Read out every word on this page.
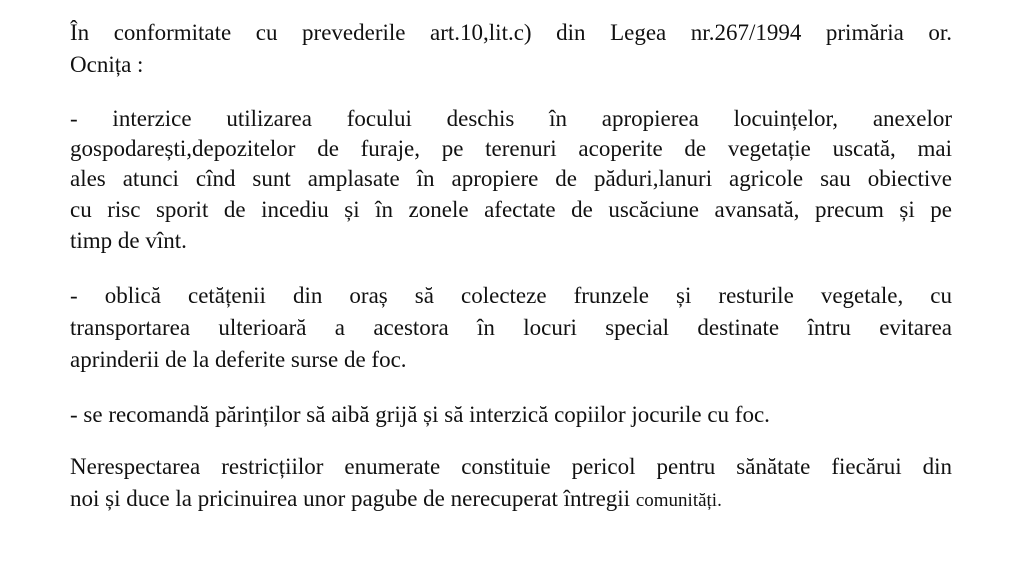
În conformitate cu prevederile art.10,lit.c) din Legea nr.267/1994 primăria or.
Ocnița :
- interzice utilizarea focului deschis în apropierea locuințelor, anexelor
gospodarești,depozitelor de furaje, pe terenuri acoperite de vegetație uscată, mai
ales atunci cînd sunt amplasate în apropiere de păduri,lanuri agricole sau obiective
cu risc sporit de incediu și în zonele afectate de uscăciune avansată, precum și pe
timp de vînt.
- oblică cetățenii din oraș să colecteze frunzele și resturile vegetale, cu
transportarea ulterioară a acestora în locuri special destinate întru evitarea
aprinderii de la deferite surse de foc.
- se recomandă părinților să aibă grijă și să interzică copiilor jocurile cu foc.
Nerespectarea restricțiilor enumerate constituie pericol pentru sănătate fiecărui din
noi și duce la pricinuirea unor pagube de nerecuperat întregii comunități.
